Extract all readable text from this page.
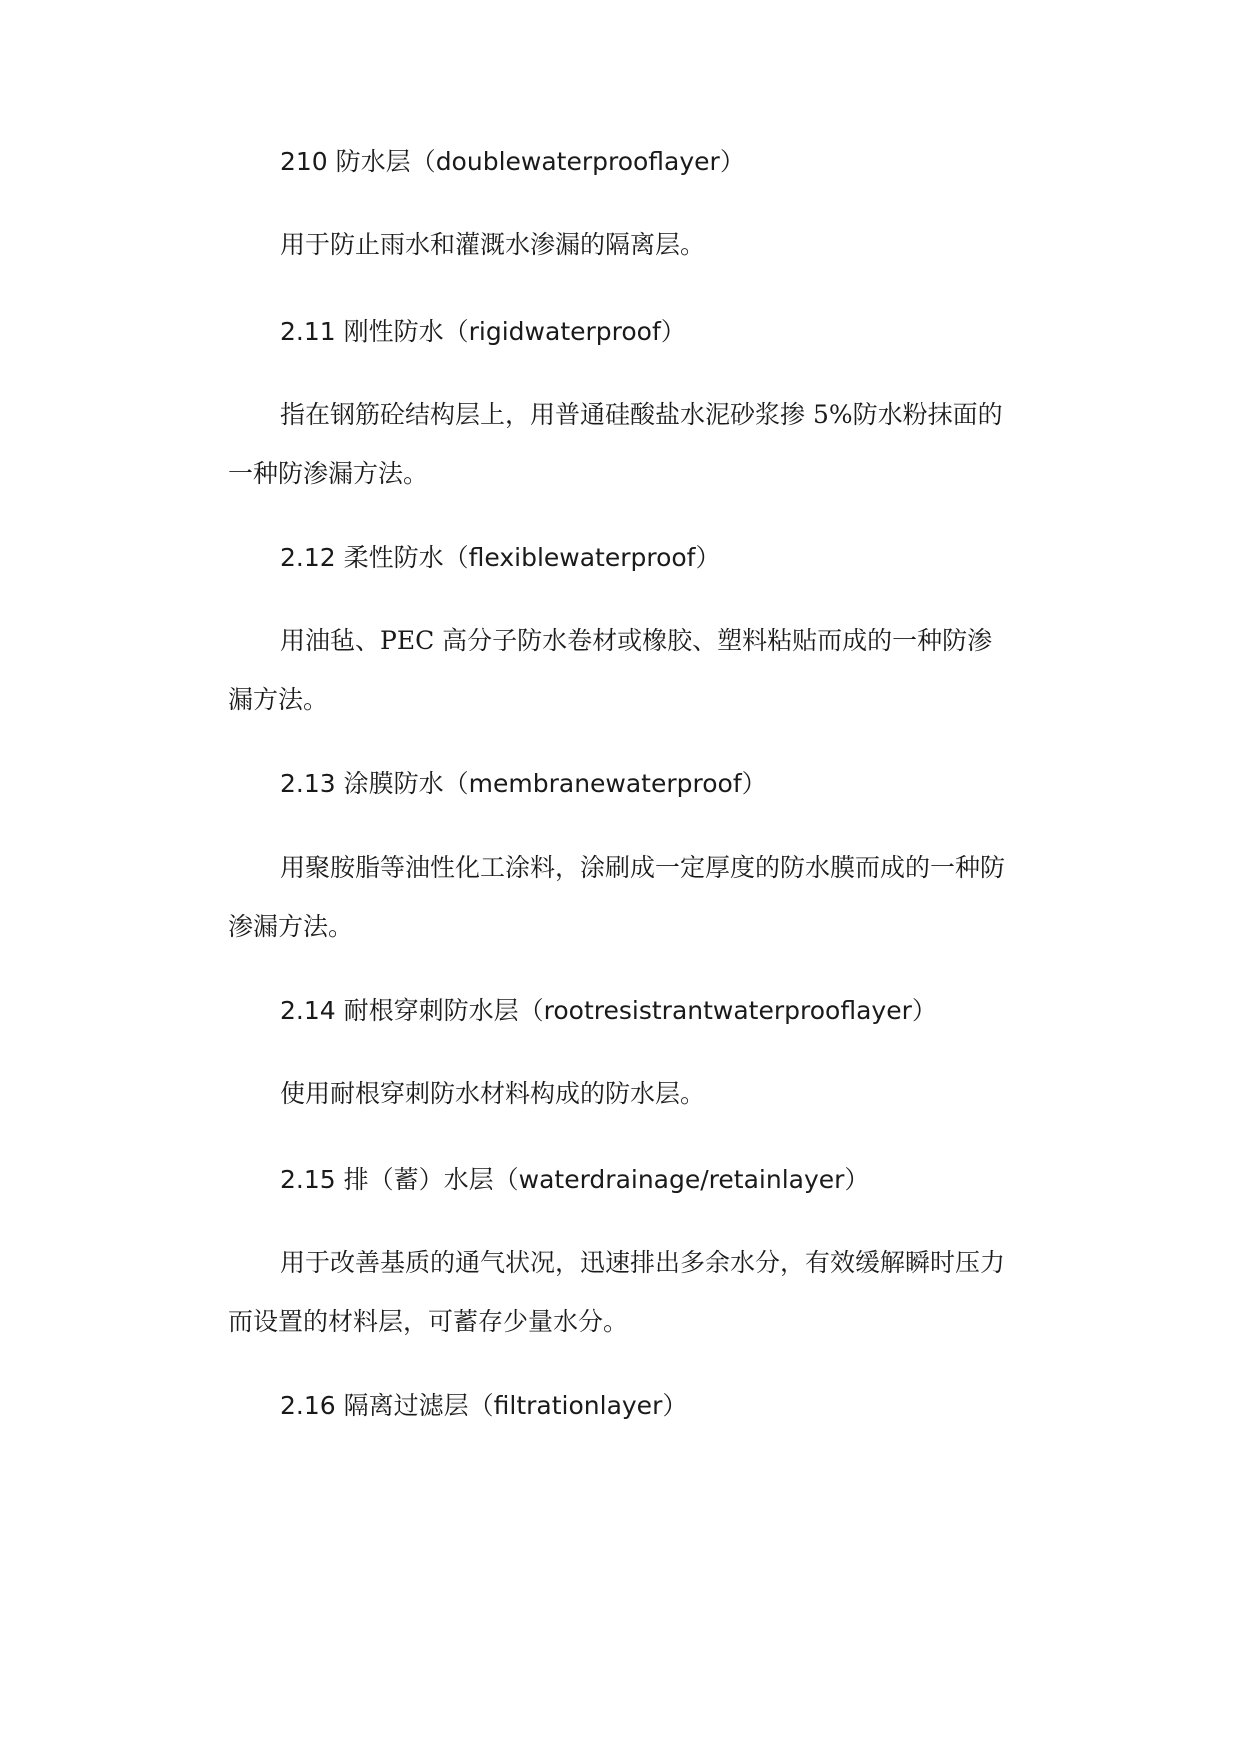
210 防水层（doublewaterprooflayer）
用于防止雨水和灌溉水渗漏的隔离层。
2.11 刚性防水（rigidwaterproof）
指在钢筋砼结构层上，用普通硅酸盐水泥砂浆掺 5%防水粉抹面的
一种防渗漏方法。
2.12 柔性防水（flexiblewaterproof）
用油毡、PEC 高分子防水卷材或橡胶、塑料粘贴而成的一种防渗
漏方法。
2.13 涂膜防水（membranewaterproof）
用聚胺脂等油性化工涂料，涂刷成一定厚度的防水膜而成的一种防
渗漏方法。
2.14 耐根穿刺防水层（rootresistrantwaterprooflayer）
使用耐根穿刺防水材料构成的防水层。
2.15 排（蓄）水层（waterdrainage/retainlayer）
用于改善基质的通气状况，迅速排出多余水分，有效缓解瞬时压力
而设置的材料层，可蓄存少量水分。
2.16 隔离过滤层（filtrationlayer）
